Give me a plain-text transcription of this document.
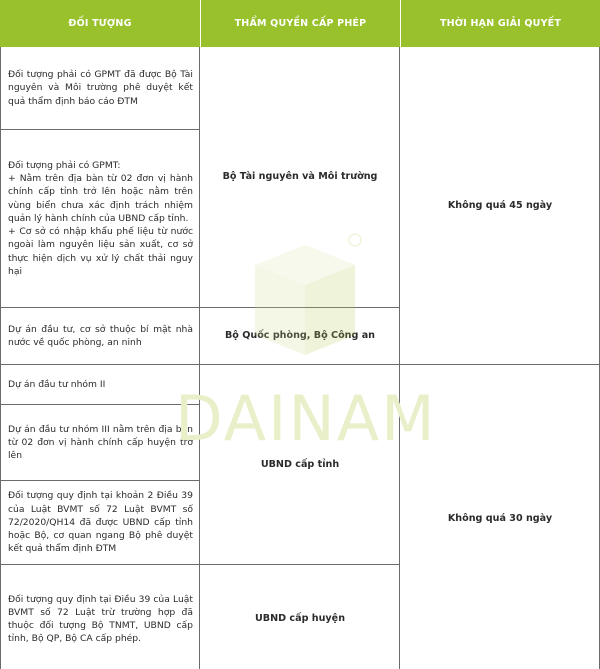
ĐỐI TƯỢNG	THẨM QUYỀN CẤP PHÉP	THỜI HẠN GIẢI QUYẾT
Đối tượng phải có GPMT đã được Bộ Tài nguyên và Môi trường phê duyệt kết quả thẩm định báo cáo ĐTM
Đối tượng phải có GPMT:
+ Nằm trên địa bàn từ 02 đơn vị hành chính cấp tỉnh trở lên hoặc nằm trên vùng biển chưa xác định trách nhiệm quản lý hành chính của UBND cấp tỉnh.
+ Cơ sở có nhập khẩu phế liệu từ nước ngoài làm nguyên liệu sản xuất, cơ sở thực hiện dịch vụ xử lý chất thải nguy hại
Dự án đầu tư, cơ sở thuộc bí mật nhà nước về quốc phòng, an ninh
Dự án đầu tư nhóm II
Dự án đầu tư nhóm III nằm trên địa bàn từ 02 đơn vị hành chính cấp huyện trở lên
Đối tượng quy định tại khoản 2 Điều 39 của Luật BVMT số 72 Luật BVMT số 72/2020/QH14 đã được UBND cấp tỉnh hoặc Bộ, cơ quan ngang Bộ phê duyệt kết quả thẩm định ĐTM
Đối tượng quy định tại Điều 39 của Luật BVMT số 72 Luật trừ trường hợp đã thuộc đối tượng Bộ TNMT, UBND cấp tỉnh, Bộ QP, Bộ CA cấp phép.
Bộ Tài nguyên và Môi trường
Bộ Quốc phòng, Bộ Công an
UBND cấp tỉnh
UBND cấp huyện
Không quá 45 ngày
Không quá 30 ngày
DAINAM
